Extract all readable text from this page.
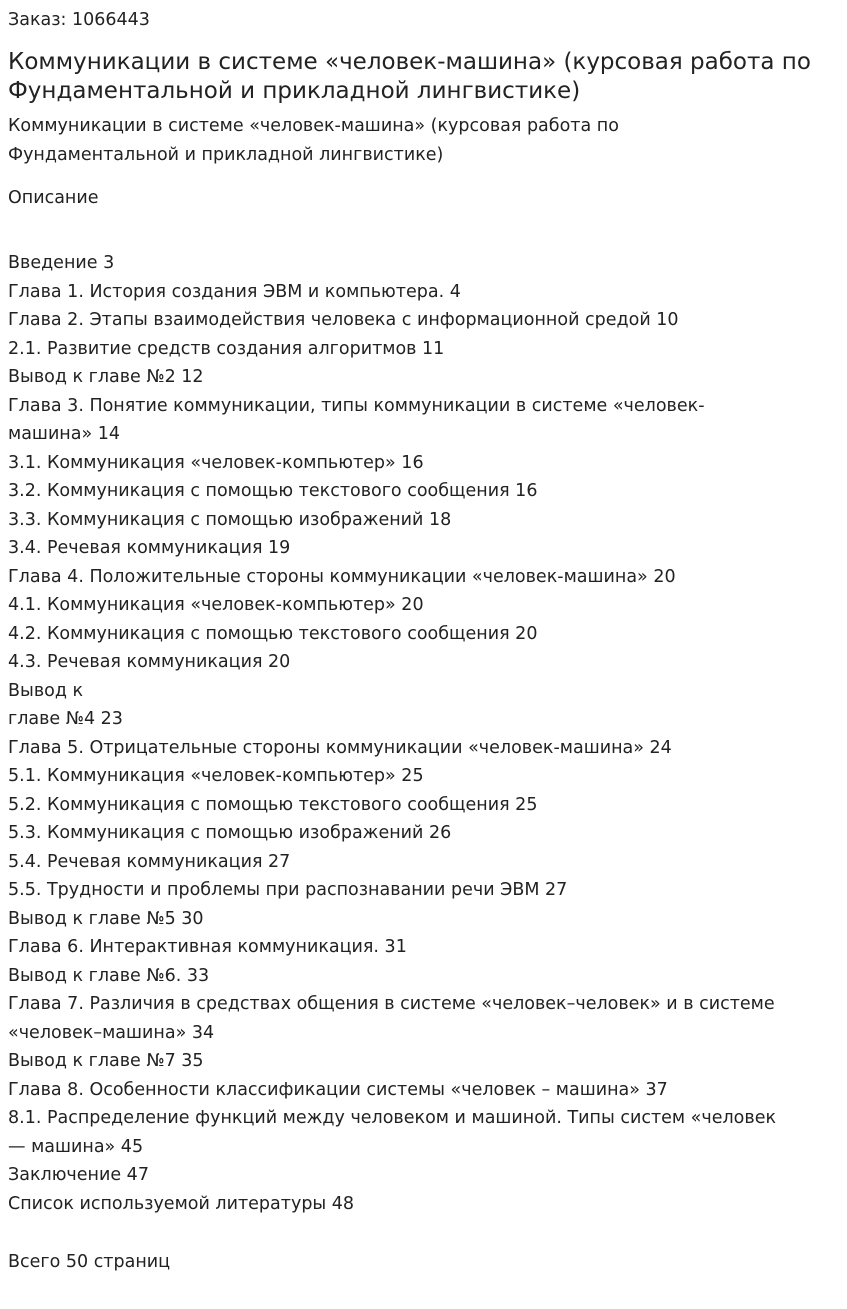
Заказ: 1066443

Коммуникации в системе «человек-машина» (курсовая работа по Фундаментальной и прикладной лингвистике)

Коммуникации в системе «человек-машина» (курсовая работа по Фундаментальной и прикладной лингвистике)

Описание

Введение 3
Глава 1. История создания ЭВМ и компьютера. 4
Глава 2. Этапы взаимодействия человека с информационной средой 10
2.1. Развитие средств создания алгоритмов 11
Вывод к главе №2 12
Глава 3. Понятие коммуникации, типы коммуникации в системе «человек-машина» 14
3.1. Коммуникация «человек-компьютер» 16
3.2. Коммуникация с помощью текстового сообщения 16
3.3. Коммуникация с помощью изображений 18
3.4. Речевая коммуникация 19
Глава 4. Положительные стороны коммуникации «человек-машина» 20
4.1. Коммуникация «человек-компьютер» 20
4.2. Коммуникация с помощью текстового сообщения 20
4.3. Речевая коммуникация 20
Вывод к
главе №4 23
Глава 5. Отрицательные стороны коммуникации «человек-машина» 24
5.1. Коммуникация «человек-компьютер» 25
5.2. Коммуникация с помощью текстового сообщения 25
5.3. Коммуникация с помощью изображений 26
5.4. Речевая коммуникация 27
5.5. Трудности и проблемы при распознавании речи ЭВМ 27
Вывод к главе №5 30
Глава 6. Интерактивная коммуникация. 31
Вывод к главе №6. 33
Глава 7. Различия в средствах общения в системе «человек–человек» и в системе «человек–машина» 34
Вывод к главе №7 35
Глава 8. Особенности классификации системы «человек – машина» 37
8.1. Распределение функций между человеком и машиной. Типы систем «человек — машина» 45
Заключение 47
Список используемой литературы 48

Всего 50 страниц
